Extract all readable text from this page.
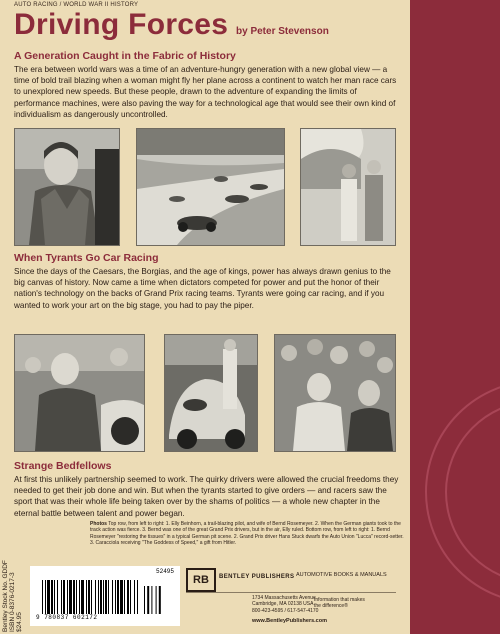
AUTO RACING / WORLD WAR II HISTORY
Driving Forces by Peter Stevenson
A Generation Caught in the Fabric of History

The era between world wars was a time of an adventure-hungry generation with a new global view — a time of bold trail blazing when a woman might fly her plane across a continent to watch her man race cars to unexplored new speeds. But these people, drawn to the adventure of expanding the limits of performance machines, were also paving the way for a technological age that would see their own kind of individualism as dangerously uncontrolled.

When Tyrants Go Car Racing

Since the days of the Caesars, the Borgias, and the age of kings, power has always drawn genius to the big canvas of history. Now came a time when dictators competed for power and put the honor of their nation's technology on the backs of Grand Prix racing teams. Tyrants were going car racing, and if you wanted to work your art on the big stage, you had to pay the piper.

Strange Bedfellows

At first this unlikely partnership seemed to work. The quirky drivers were allowed the crucial freedoms they needed to get their job done and win. But when the tyrants started to give orders — and racers saw the sport that was their whole life being taken over by the shams of politics — a whole new chapter in the eternal battle between talent and power began.

Photos Top row, from left to right: 1. Elly Beinhorn, a trail-blazing pilot, and wife of Bernd Rosemeyer. 2. When the German giants took to the track action was fierce. 3. Bernd was one of the great Grand Prix drivers, but in the air, Elly ruled. Bottom row, from left to right: 1. Bernd Rosemeyer "restoring the tissues" in a typical German pit scene. 2. Grand Prix driver Hans Stuck dwarfs the Auto Union "Lucca" record-setter. 3. Caracciola receiving "The Goddess of Speed," a gift from Hitler.

Bentley Stock No. GDDF ISBN 0-8376-0217-3 $24.95 9 780837 602172
52495
RB	BENTLEY PUBLISHERS AUTOMOTIVE BOOKS & MANUALS
1734 Massachusetts Avenue
Cambridge, MA 02138 USA
800-423-4595 / 617-547-4170
Information that makes
the difference®
www.BentleyPublishers.com
